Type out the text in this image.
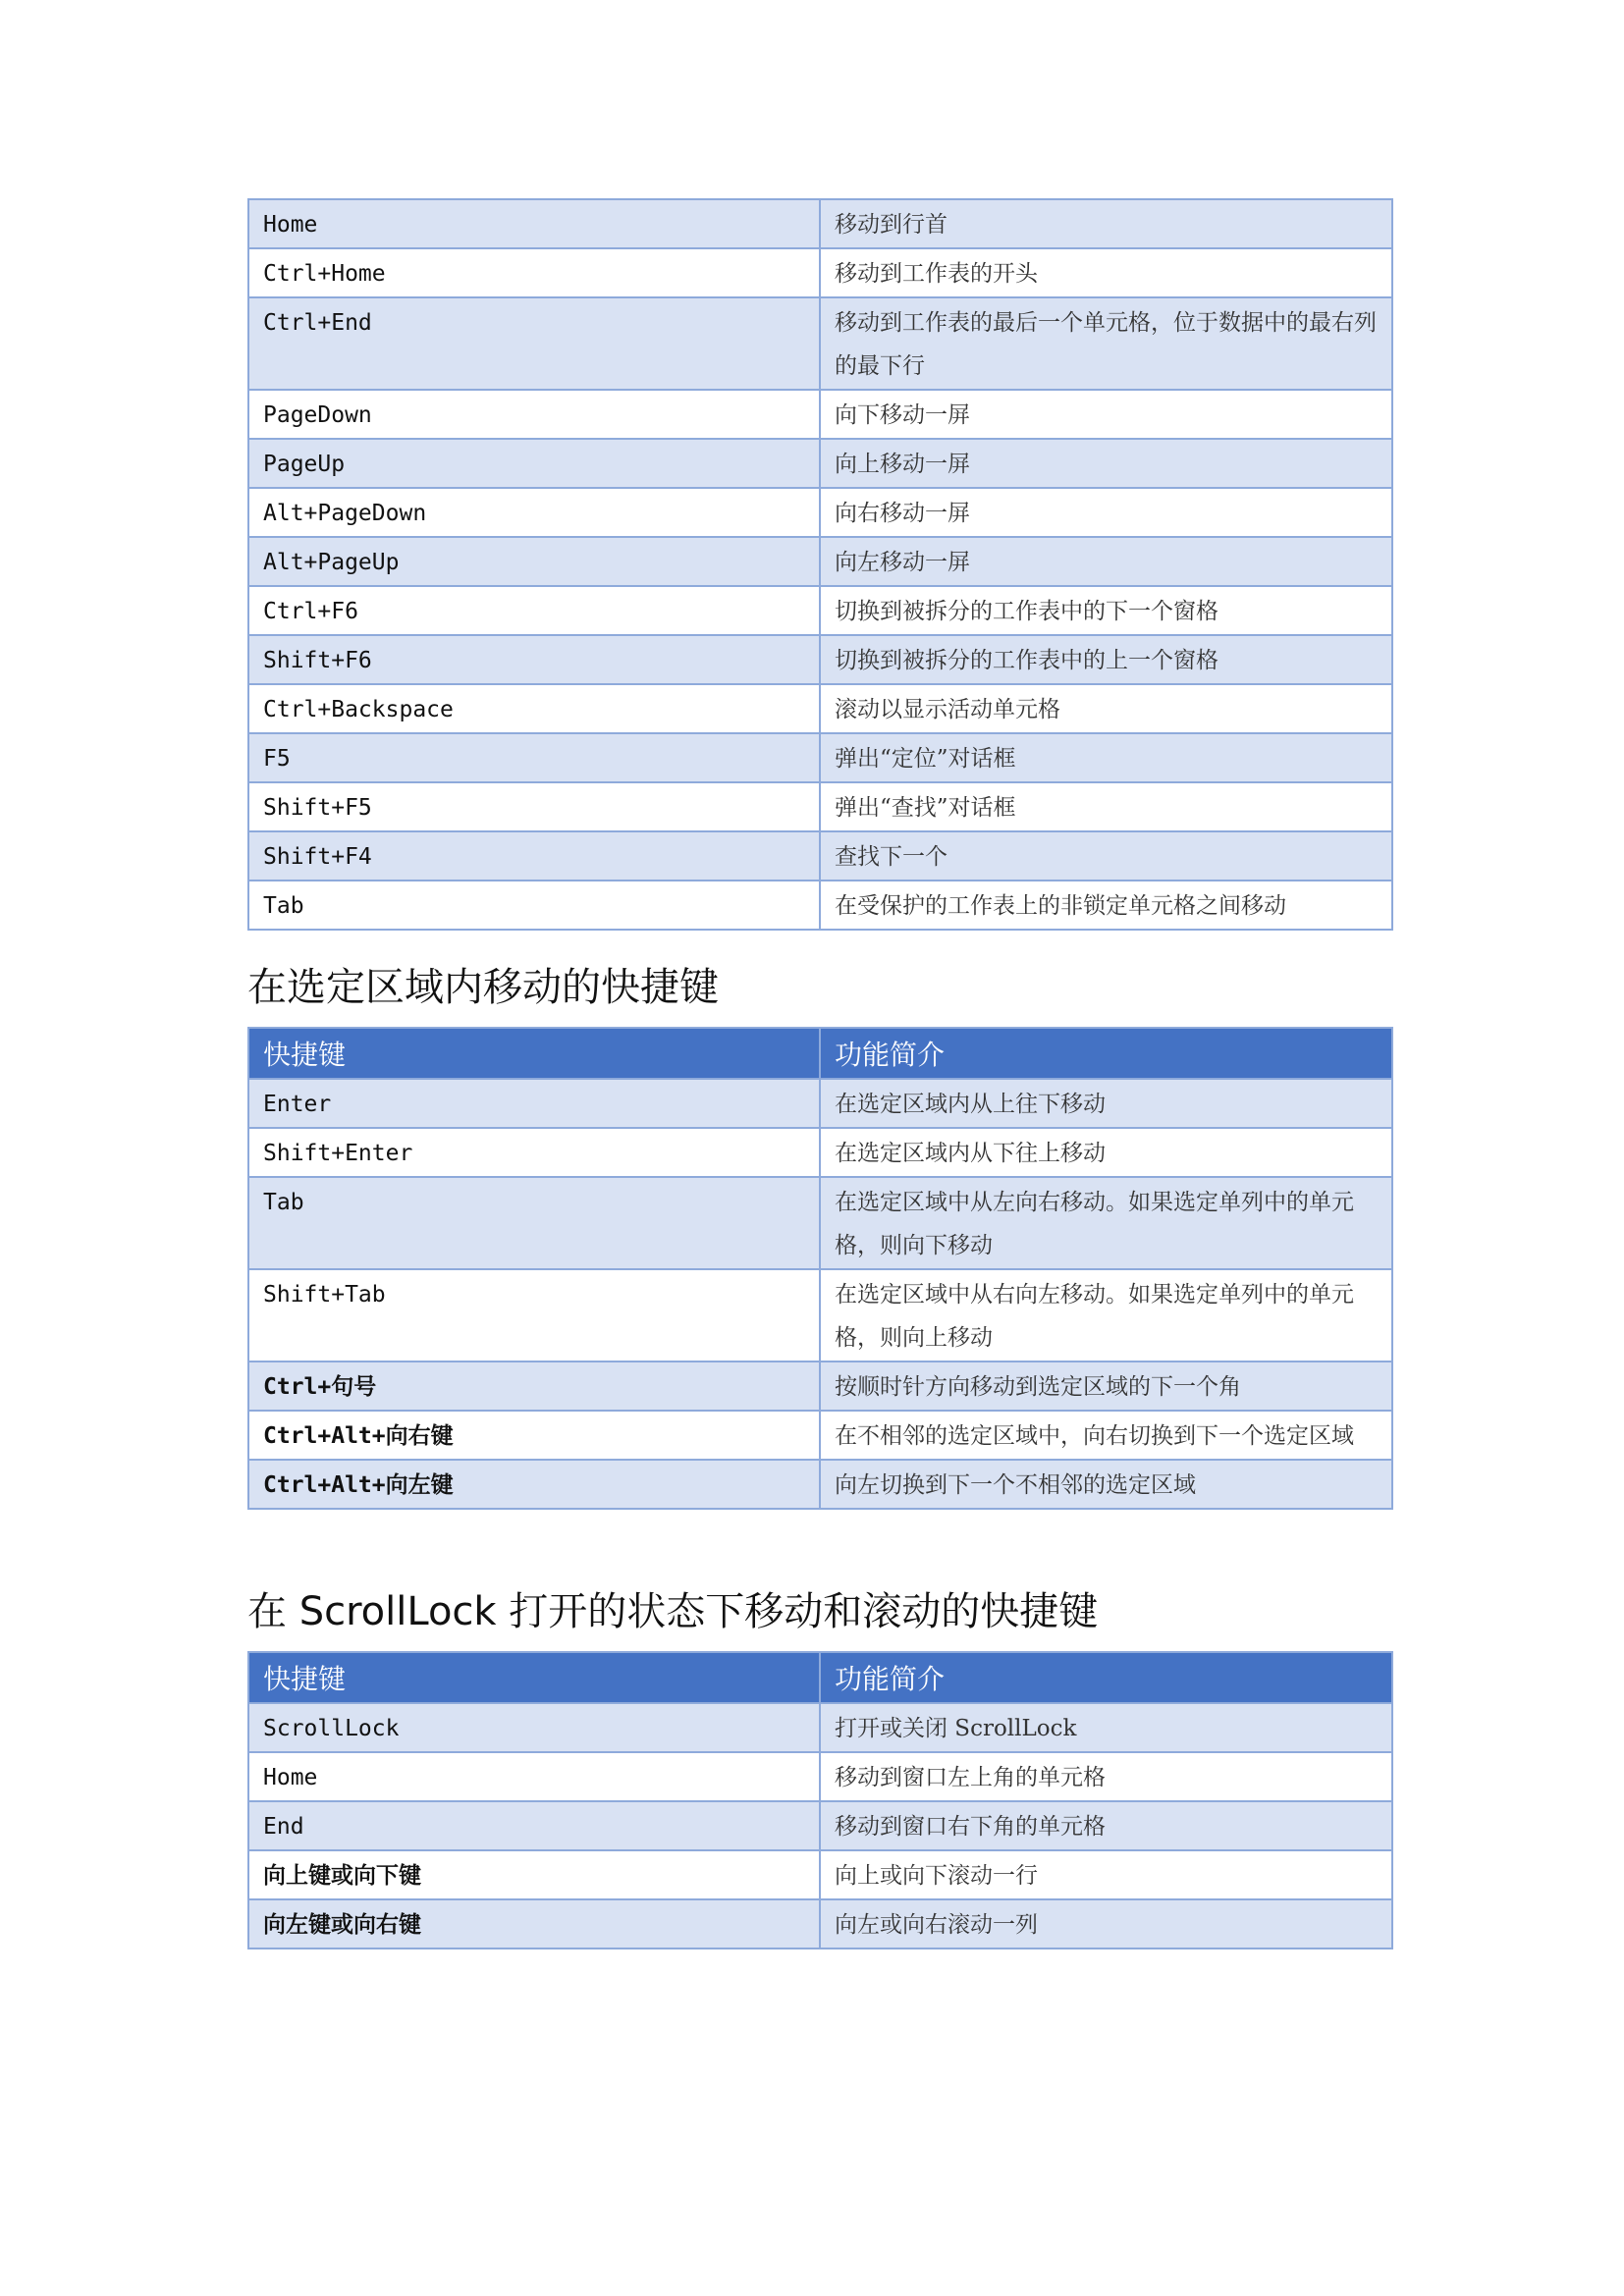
Home	移动到行首
Ctrl+Home	移动到工作表的开头
Ctrl+End	移动到工作表的最后一个单元格，位于数据中的最右列的最下行
PageDown	向下移动一屏
PageUp	向上移动一屏
Alt+PageDown	向右移动一屏
Alt+PageUp	向左移动一屏
Ctrl+F6	切换到被拆分的工作表中的下一个窗格
Shift+F6	切换到被拆分的工作表中的上一个窗格
Ctrl+Backspace	滚动以显示活动单元格
F5	弹出“定位”对话框
Shift+F5	弹出“查找”对话框
Shift+F4	查找下一个
Tab	在受保护的工作表上的非锁定单元格之间移动
在选定区域内移动的快捷键
快捷键	功能简介
Enter	在选定区域内从上往下移动
Shift+Enter	在选定区域内从下往上移动
Tab	在选定区域中从左向右移动。如果选定单列中的单元格，则向下移动
Shift+Tab	在选定区域中从右向左移动。如果选定单列中的单元格，则向上移动
Ctrl+句号	按顺时针方向移动到选定区域的下一个角
Ctrl+Alt+向右键	在不相邻的选定区域中，向右切换到下一个选定区域
Ctrl+Alt+向左键	向左切换到下一个不相邻的选定区域
在 ScrollLock 打开的状态下移动和滚动的快捷键
快捷键	功能简介
ScrollLock	打开或关闭 ScrollLock
Home	移动到窗口左上角的单元格
End	移动到窗口右下角的单元格
向上键或向下键	向上或向下滚动一行
向左键或向右键	向左或向右滚动一列
